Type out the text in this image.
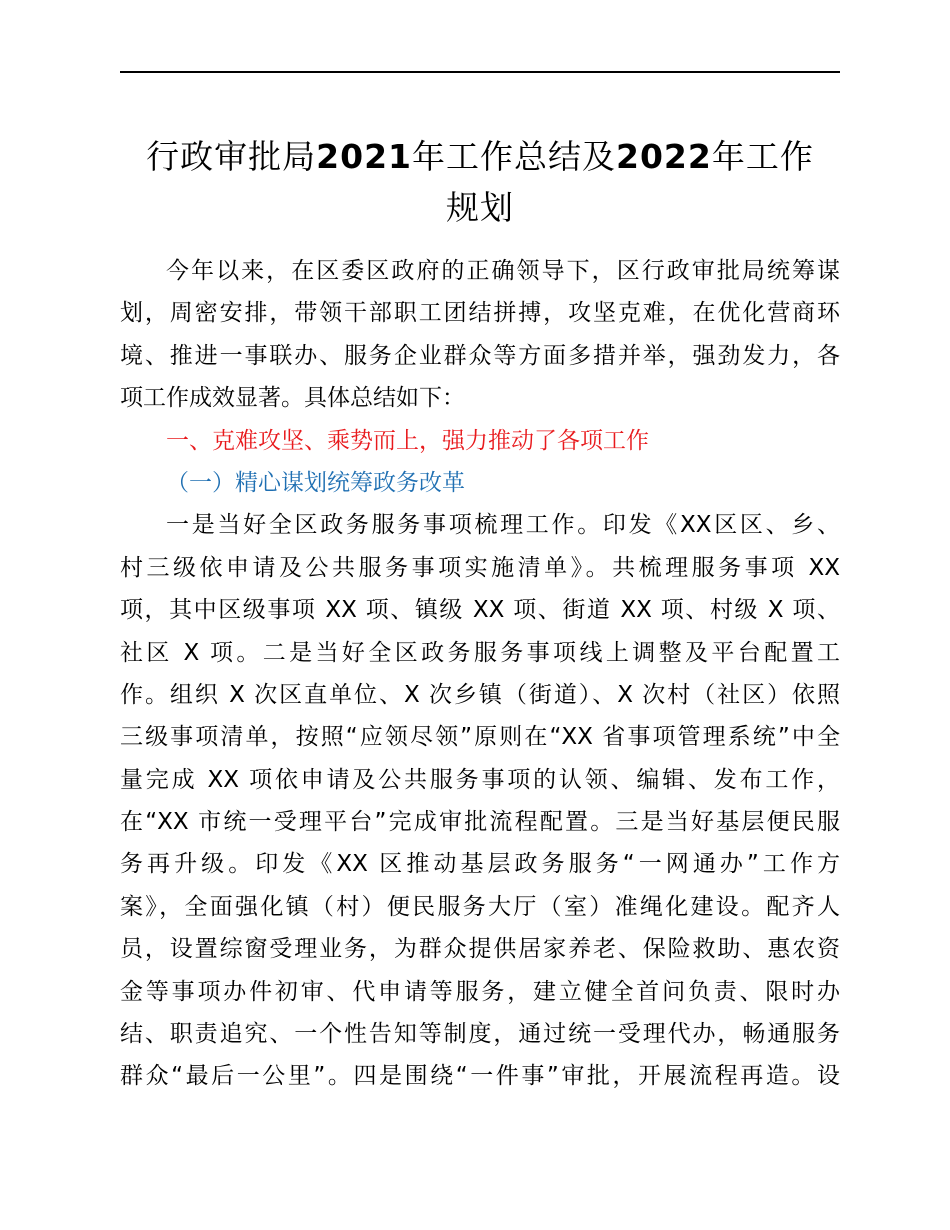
行政审批局2021年工作总结及2022年工作
规划
今年以来，在区委区政府的正确领导下，区行政审批局统筹谋
划，周密安排，带领干部职工团结拼搏，攻坚克难，在优化营商环
境、推进一事联办、服务企业群众等方面多措并举，强劲发力，各
项工作成效显著。具体总结如下：
一、克难攻坚、乘势而上，强力推动了各项工作
（一）精心谋划统筹政务改革
一是当好全区政务服务事项梳理工作。印发《XX区区、乡、
村三级依申请及公共服务事项实施清单》。共梳理服务事项 XX
项，其中区级事项 XX 项、镇级 XX 项、街道 XX 项、村级 X 项、
社区 X 项。二是当好全区政务服务事项线上调整及平台配置工
作。组织 X 次区直单位、X 次乡镇（街道）、X 次村（社区）依照
三级事项清单，按照“应领尽领”原则在“XX 省事项管理系统”中全
量完成 XX 项依申请及公共服务事项的认领、编辑、发布工作，
在“XX 市统一受理平台”完成审批流程配置。三是当好基层便民服
务再升级。印发《XX 区推动基层政务服务“一网通办”工作方
案》，全面强化镇（村）便民服务大厅（室）准绳化建设。配齐人
员，设置综窗受理业务，为群众提供居家养老、保险救助、惠农资
金等事项办件初审、代申请等服务，建立健全首问负责、限时办
结、职责追究、一个性告知等制度，通过统一受理代办，畅通服务
群众“最后一公里”。四是围绕“一件事”审批，开展流程再造。设
